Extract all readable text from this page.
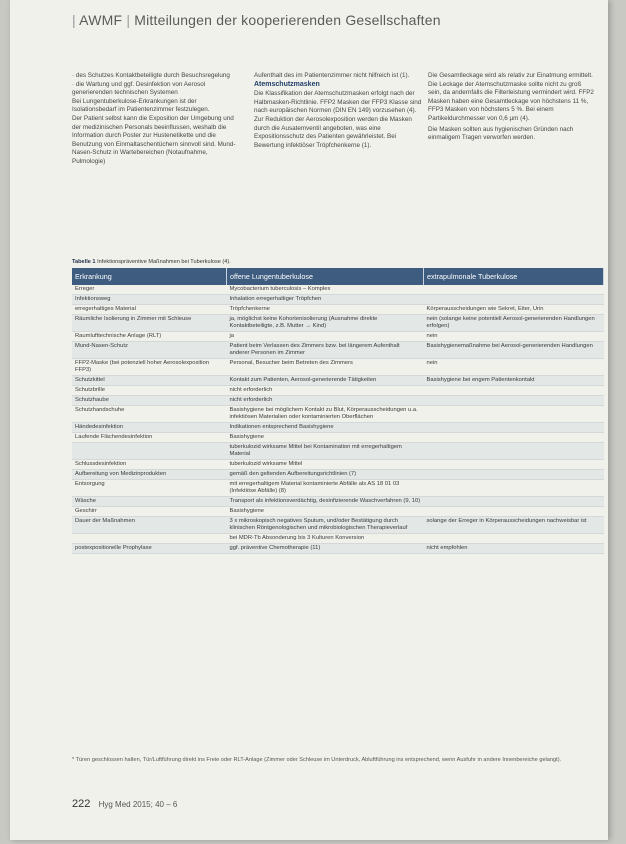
| AWMF | Mitteilungen der kooperierenden Gesellschaften

· des Schutzes Kontaktbeteiligte durch Besuchsregelung

· die Wartung und ggf. Desinfektion von Aerosol generierenden technischen Systemen

Bei Lungentuberkulose-Erkrankungen ist der Isolationsbedarf im Patientenzimmer festzulegen.

Der Patient selbst kann die Exposition der Umgebung und der medizinischen Personals beeinflussen, weshalb die Information durch Poster zur Hustenetikette und die Benutzung von Einmaltaschentüchern sinnvoll sind. Mund-Nasen-Schutz in Wartebereichen (Notaufnahme, Pulmologie)

Aufenthalt des im Patientenzimmer nicht hilfreich ist (1).

Atemschutzmasken

Die Klassifikation der Atemschutzmasken erfolgt nach der Halbmasken-Richtlinie. FFP2 Masken der FFP3 Klasse sind nach europäischen Normen (DIN EN 149) vorzusehen (4). Zur Reduktion der Aerosolexposition werden die Masken durch die Ausatemventil angeboten, was eine Expositionsschutz des Patienten gewährleistet. Bei Bewertung infektiöser Tröpfchenkerne (1).

Die Gesamtleckage wird als relativ zur Einatmung ermittelt. Die Leckage der Atemschutzmaske sollte nicht zu groß sein, da andernfalls die Filterleistung vermindert wird. FFP2 Masken haben eine Gesamtleckage von höchstens 11 %, FFP3 Masken von höchstens 5 %. Bei einem Partikeldurchmesser von 0,6 µm (4).

Die Masken sollten aus hygienischen Gründen nach einmaligem Tragen verworfen werden.

Tabelle 1 Infektionspräventive Maßnahmen bei Tuberkulose (4).
Erkrankung	offene Lungentuberkulose	extrapulmonale Tuberkulose
Erreger	Mycobacterium tuberculosis – Komplex	
Infektionsweg	Inhalation erregerhaltiger Tröpfchen	
erregerhaltiges Material	Tröpfchenkerne	Körperausscheidungen wie Sekret, Eiter, Urin
Räumliche Isolierung in Zimmer mit Schleuse	ja, möglichst keine Kohortenisolierung (Ausnahme direkte Kontaktbeteiligte, z.B. Mutter → Kind)	nein (solange keine potentiell Aerosol-generierenden Handlungen erfolgen)
Raumlufttechnische Anlage (RLT)	ja	nein
Mund-Nasen-Schutz	Patient beim Verlassen des Zimmers bzw. bei längerem Aufenthalt anderer Personen im Zimmer	Basishygienemaßnahme bei Aerosol-generierenden Handlungen
FFP2-Maske (bei potenziell hoher Aerosolexposition FFP3)	Personal, Besucher beim Betreten des Zimmers	nein
Schutzkittel	Kontakt zum Patienten, Aerosol-generierende Tätigkeiten	Basishygiene bei engem Patientenkontakt
Schutzbrille	nicht erforderlich	
Schutzhaube	nicht erforderlich	
Schutzhandschuhe	Basishygiene bei möglichem Kontakt zu Blut, Körperausscheidungen u.a. infektiösen Materialien oder kontaminierten Oberflächen	
Händedesinfektion	Indikationen entsprechend Basishygiene	
Laufende Flächendesinfektion	Basishygiene	
	tuberkulozid wirksame Mittel bei Kontamination mit erregerhaltigem Material	
Schlussdesinfektion	tuberkulozid wirksame Mittel	
Aufbereitung von Medizinprodukten	gemäß den geltenden Aufbereitungsrichtlinien (7)	
Entsorgung	mit erregerhaltigem Material kontaminierte Abfälle als AS 18 01 03 (Infektiöse Abfälle) (8)	
Wäsche	Transport als infektionsverdächtig, desinfizierende Waschverfahren (9, 10)	
Geschirr	Basishygiene	
Dauer der Maßnahmen	3 x mikroskopisch negatives Sputum, und/oder Bestätigung durch klinischen Röntgenologischen und mikrobiologischen Therapieverlauf	solange der Erreger in Körperausscheidungen nachweisbar ist
	bei MDR-Tb Absonderung bis 3 Kulturen Konversion	
postexpositionelle Prophylaxe	ggf. präventive Chemotherapie (11)	nicht empfohlen
* Türen geschlossen halten, Tür/Luftführung direkt ins Freie oder RLT-Anlage (Zimmer oder Schleuse im Unterdruck, Abluftführung ins entsprechend, wenn Ausfuhr in andere Innenbereiche gelangt).
222 Hyg Med 2015; 40 – 6
